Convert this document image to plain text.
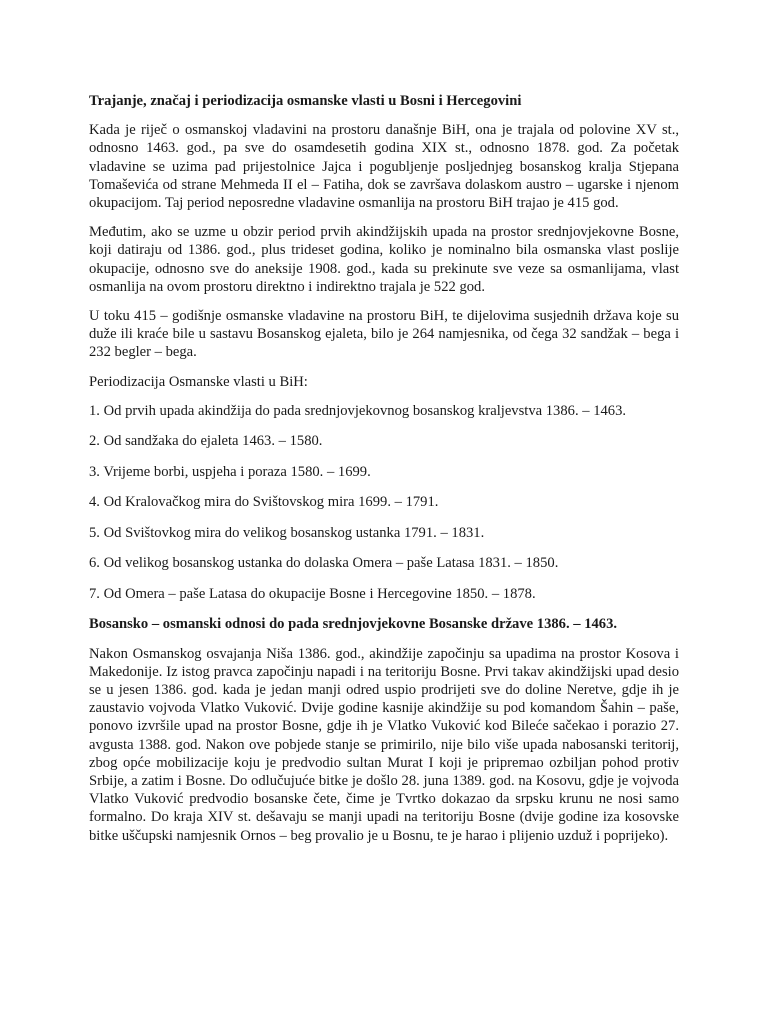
Trajanje, značaj i periodizacija osmanske vlasti u Bosni i Hercegovini

Kada je riječ o osmanskoj vladavini na prostoru današnje BiH, ona je trajala od polovine XV st., odnosno 1463. god., pa sve do osamdesetih godina XIX st., odnosno 1878. god. Za početak vladavine se uzima pad prijestolnice Jajca i pogubljenje posljednjeg bosanskog kralja Stjepana Tomaševića od strane Mehmeda II el – Fatiha, dok se završava dolaskom austro – ugarske i njenom okupacijom. Taj period neposredne vladavine osmanlija na prostoru BiH trajao je 415 god.

Međutim, ako se uzme u obzir period prvih akindžijskih upada na prostor srednjovjekovne Bosne, koji datiraju od 1386. god., plus trideset godina, koliko je nominalno bila osmanska vlast poslije okupacije, odnosno sve do aneksije 1908. god., kada su prekinute sve veze sa osmanlijama, vlast osmanlija na ovom prostoru direktno i indirektno trajala je 522 god.

U toku 415 – godišnje osmanske vladavine na prostoru BiH, te dijelovima susjednih država koje su duže ili kraće bile u sastavu Bosanskog ejaleta, bilo je 264 namjesnika, od čega 32 sandžak – bega i 232 begler – bega.

Periodizacija Osmanske vlasti u BiH:

1. Od prvih upada akindžija do pada srednjovjekovnog bosanskog kraljevstva 1386. – 1463.
2. Od sandžaka do ejaleta 1463. – 1580.
3. Vrijeme borbi, uspjeha i poraza 1580. – 1699.
4. Od Kralovačkog mira do Svištovskog mira 1699. – 1791.
5. Od Svištovkog mira do velikog bosanskog ustanka 1791. – 1831.
6. Od velikog bosanskog ustanka do dolaska Omera – paše Latasa 1831. – 1850.
7. Od Omera – paše Latasa do okupacije Bosne i Hercegovine 1850. – 1878.

Bosansko – osmanski odnosi do pada srednjovjekovne Bosanske države 1386. – 1463.

Nakon Osmanskog osvajanja Niša 1386. god., akindžije započinju sa upadima na prostor Kosova i Makedonije. Iz istog pravca započinju napadi i na teritoriju Bosne. Prvi takav akindžijski upad desio se u jesen 1386. god. kada je jedan manji odred uspio prodrijeti sve do doline Neretve, gdje ih je zaustavio vojvoda Vlatko Vuković. Dvije godine kasnije akindžije su pod komandom Šahin – paše, ponovo izvršile upad na prostor Bosne, gdje ih je Vlatko Vuković kod Bileće sačekao i porazio 27. avgusta 1388. god. Nakon ove pobjede stanje se primirilo, nije bilo više upada nabosanski teritorij, zbog opće mobilizacije koju je predvodio sultan Murat I koji je pripremao ozbiljan pohod protiv Srbije, a zatim i Bosne. Do odlučujuće bitke je došlo 28. juna 1389. god. na Kosovu, gdje je vojvoda Vlatko Vuković predvodio bosanske čete, čime je Tvrtko dokazao da srpsku krunu ne nosi samo formalno. Do kraja XIV st. dešavaju se manji upadi na teritoriju Bosne (dvije godine iza kosovske bitke uščupski namjesnik Ornos – beg provalio je u Bosnu, te je harao i plijenio uzduž i poprijeko).
